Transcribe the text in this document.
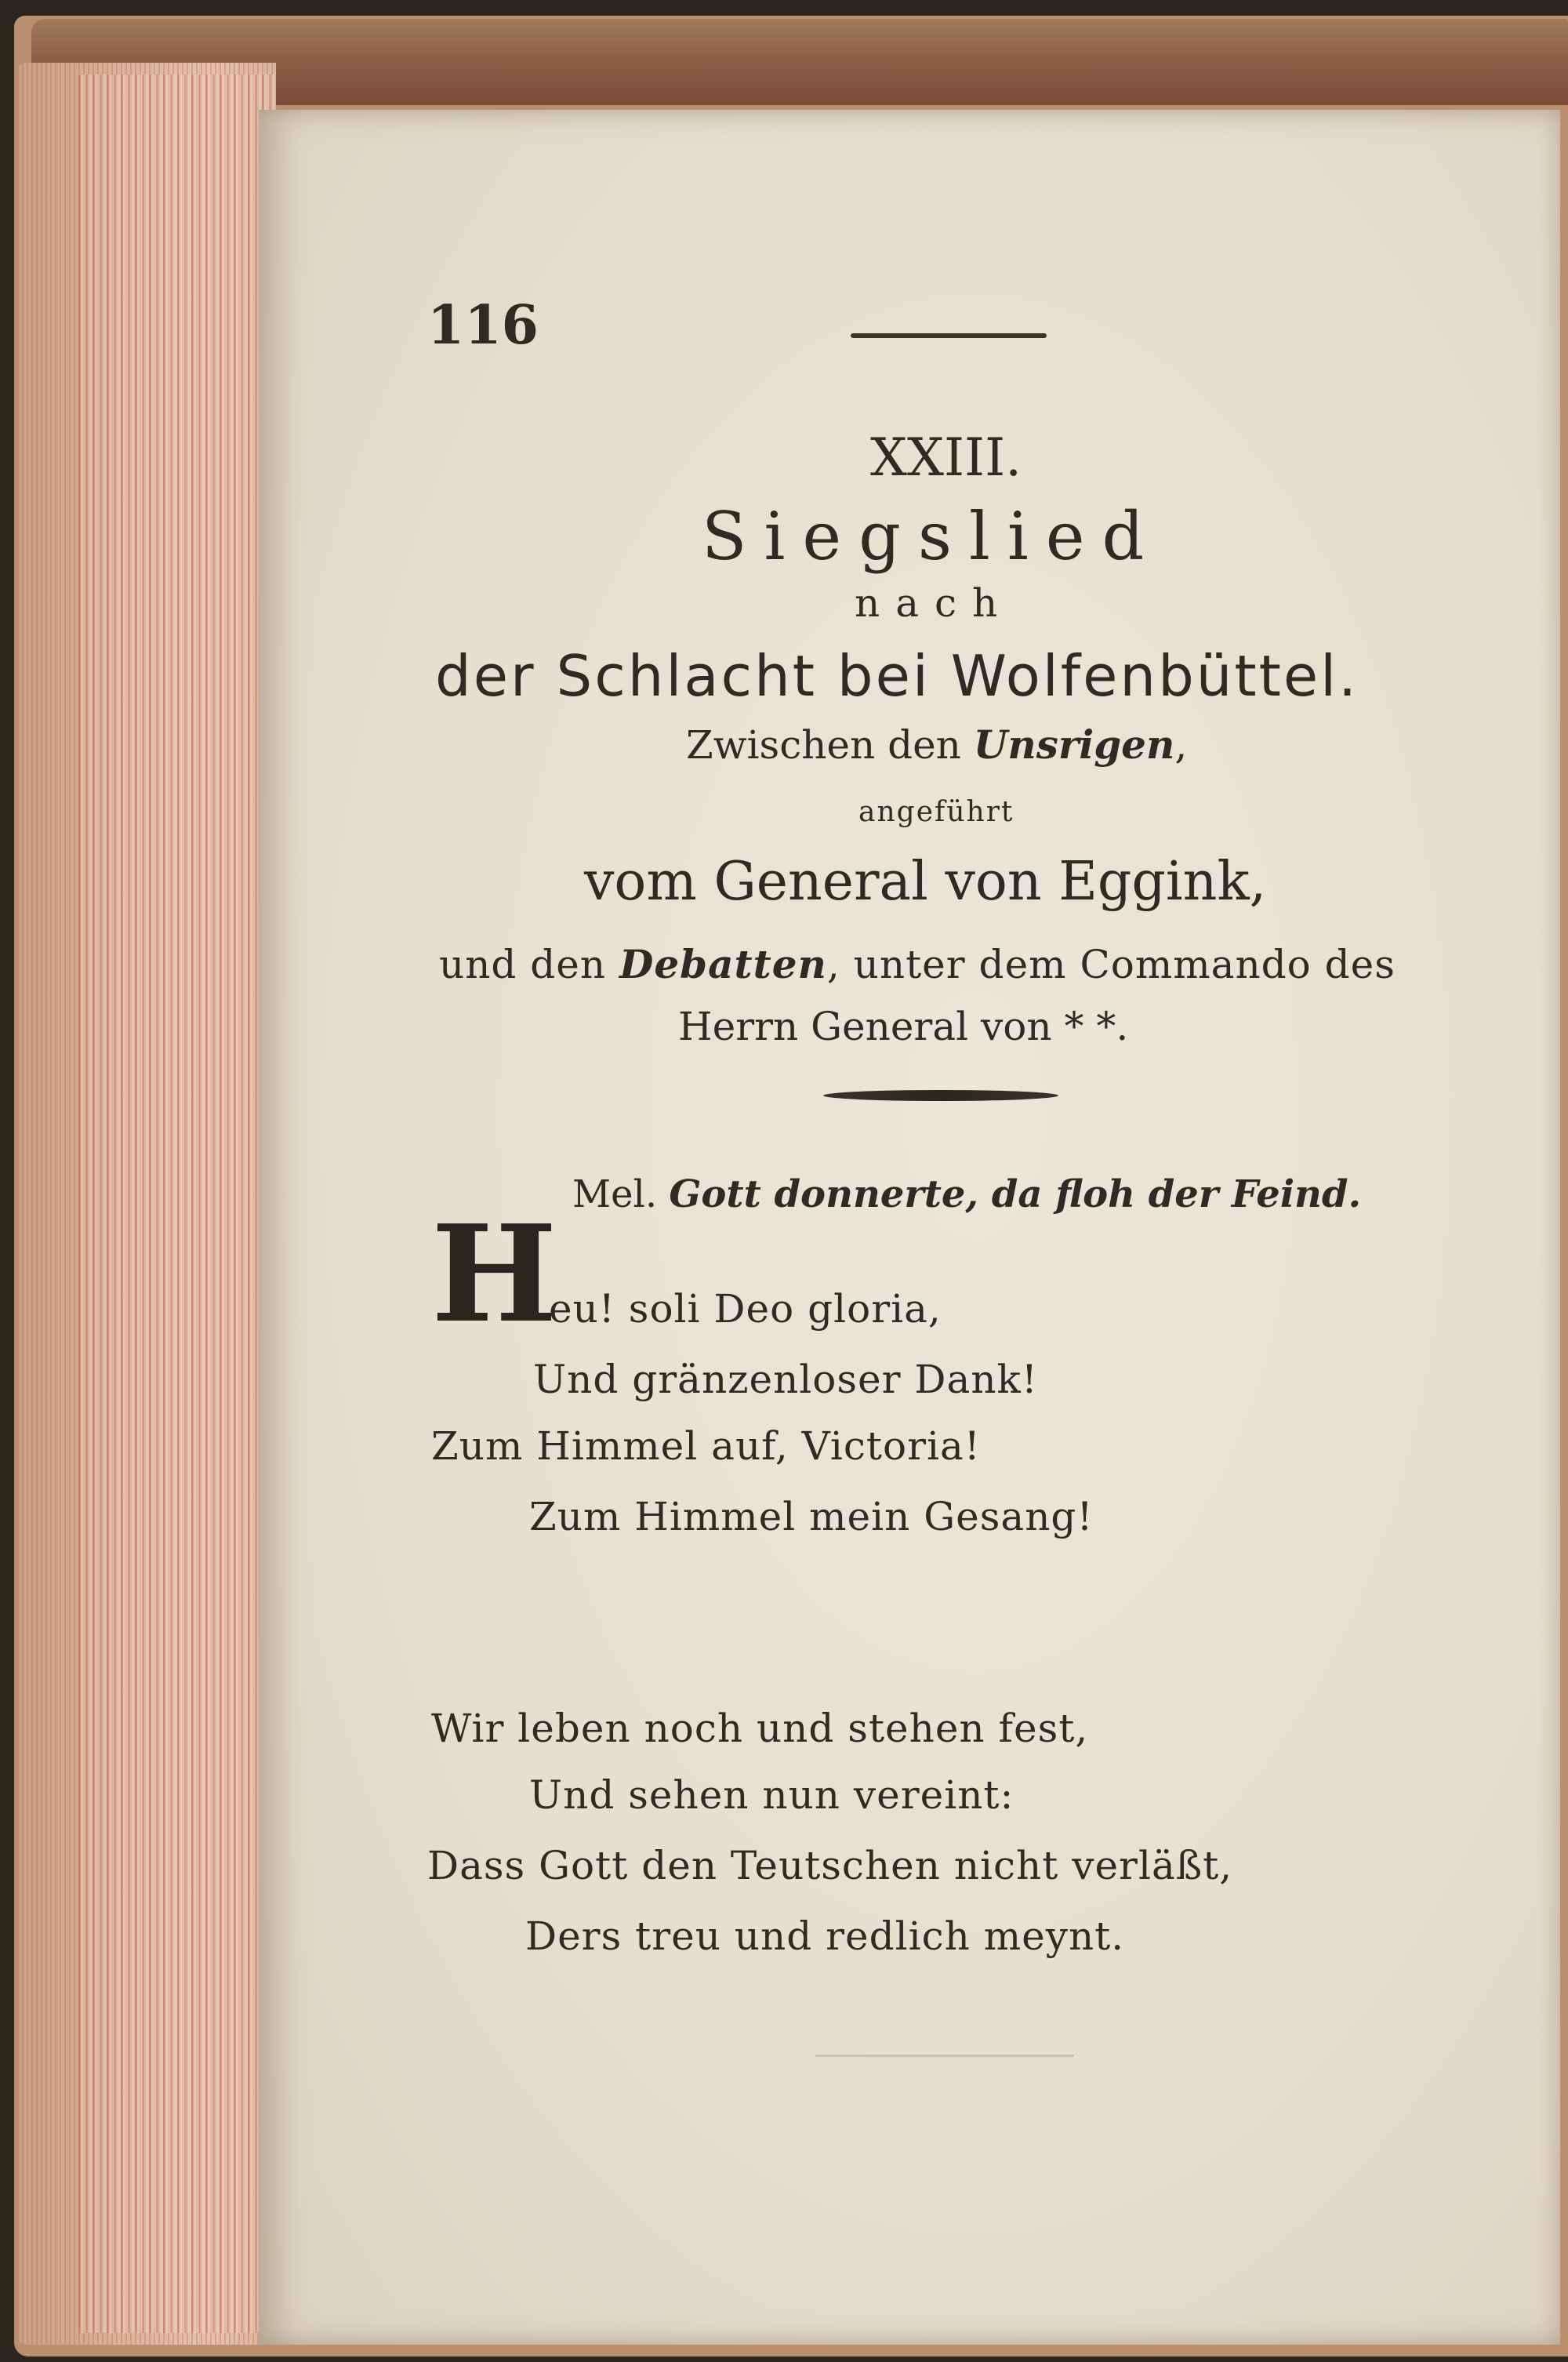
116
XXIII.
Siegslied
nach
der Schlacht bei Wolfenbüttel.
Zwischen den Unsrigen,
angeführt
vom General von Eggink,
und den Debatten, unter dem Commando des
Herrn General von * *.
Mel. Gott donnerte, da floh der Feind.
H
eu! soli Deo gloria,
Und gränzenloser Dank!
Zum Himmel auf, Victoria!
Zum Himmel mein Gesang!
Wir leben noch und stehen fest,
Und sehen nun vereint:
Dass Gott den Teutschen nicht verläßt,
Ders treu und redlich meynt.
